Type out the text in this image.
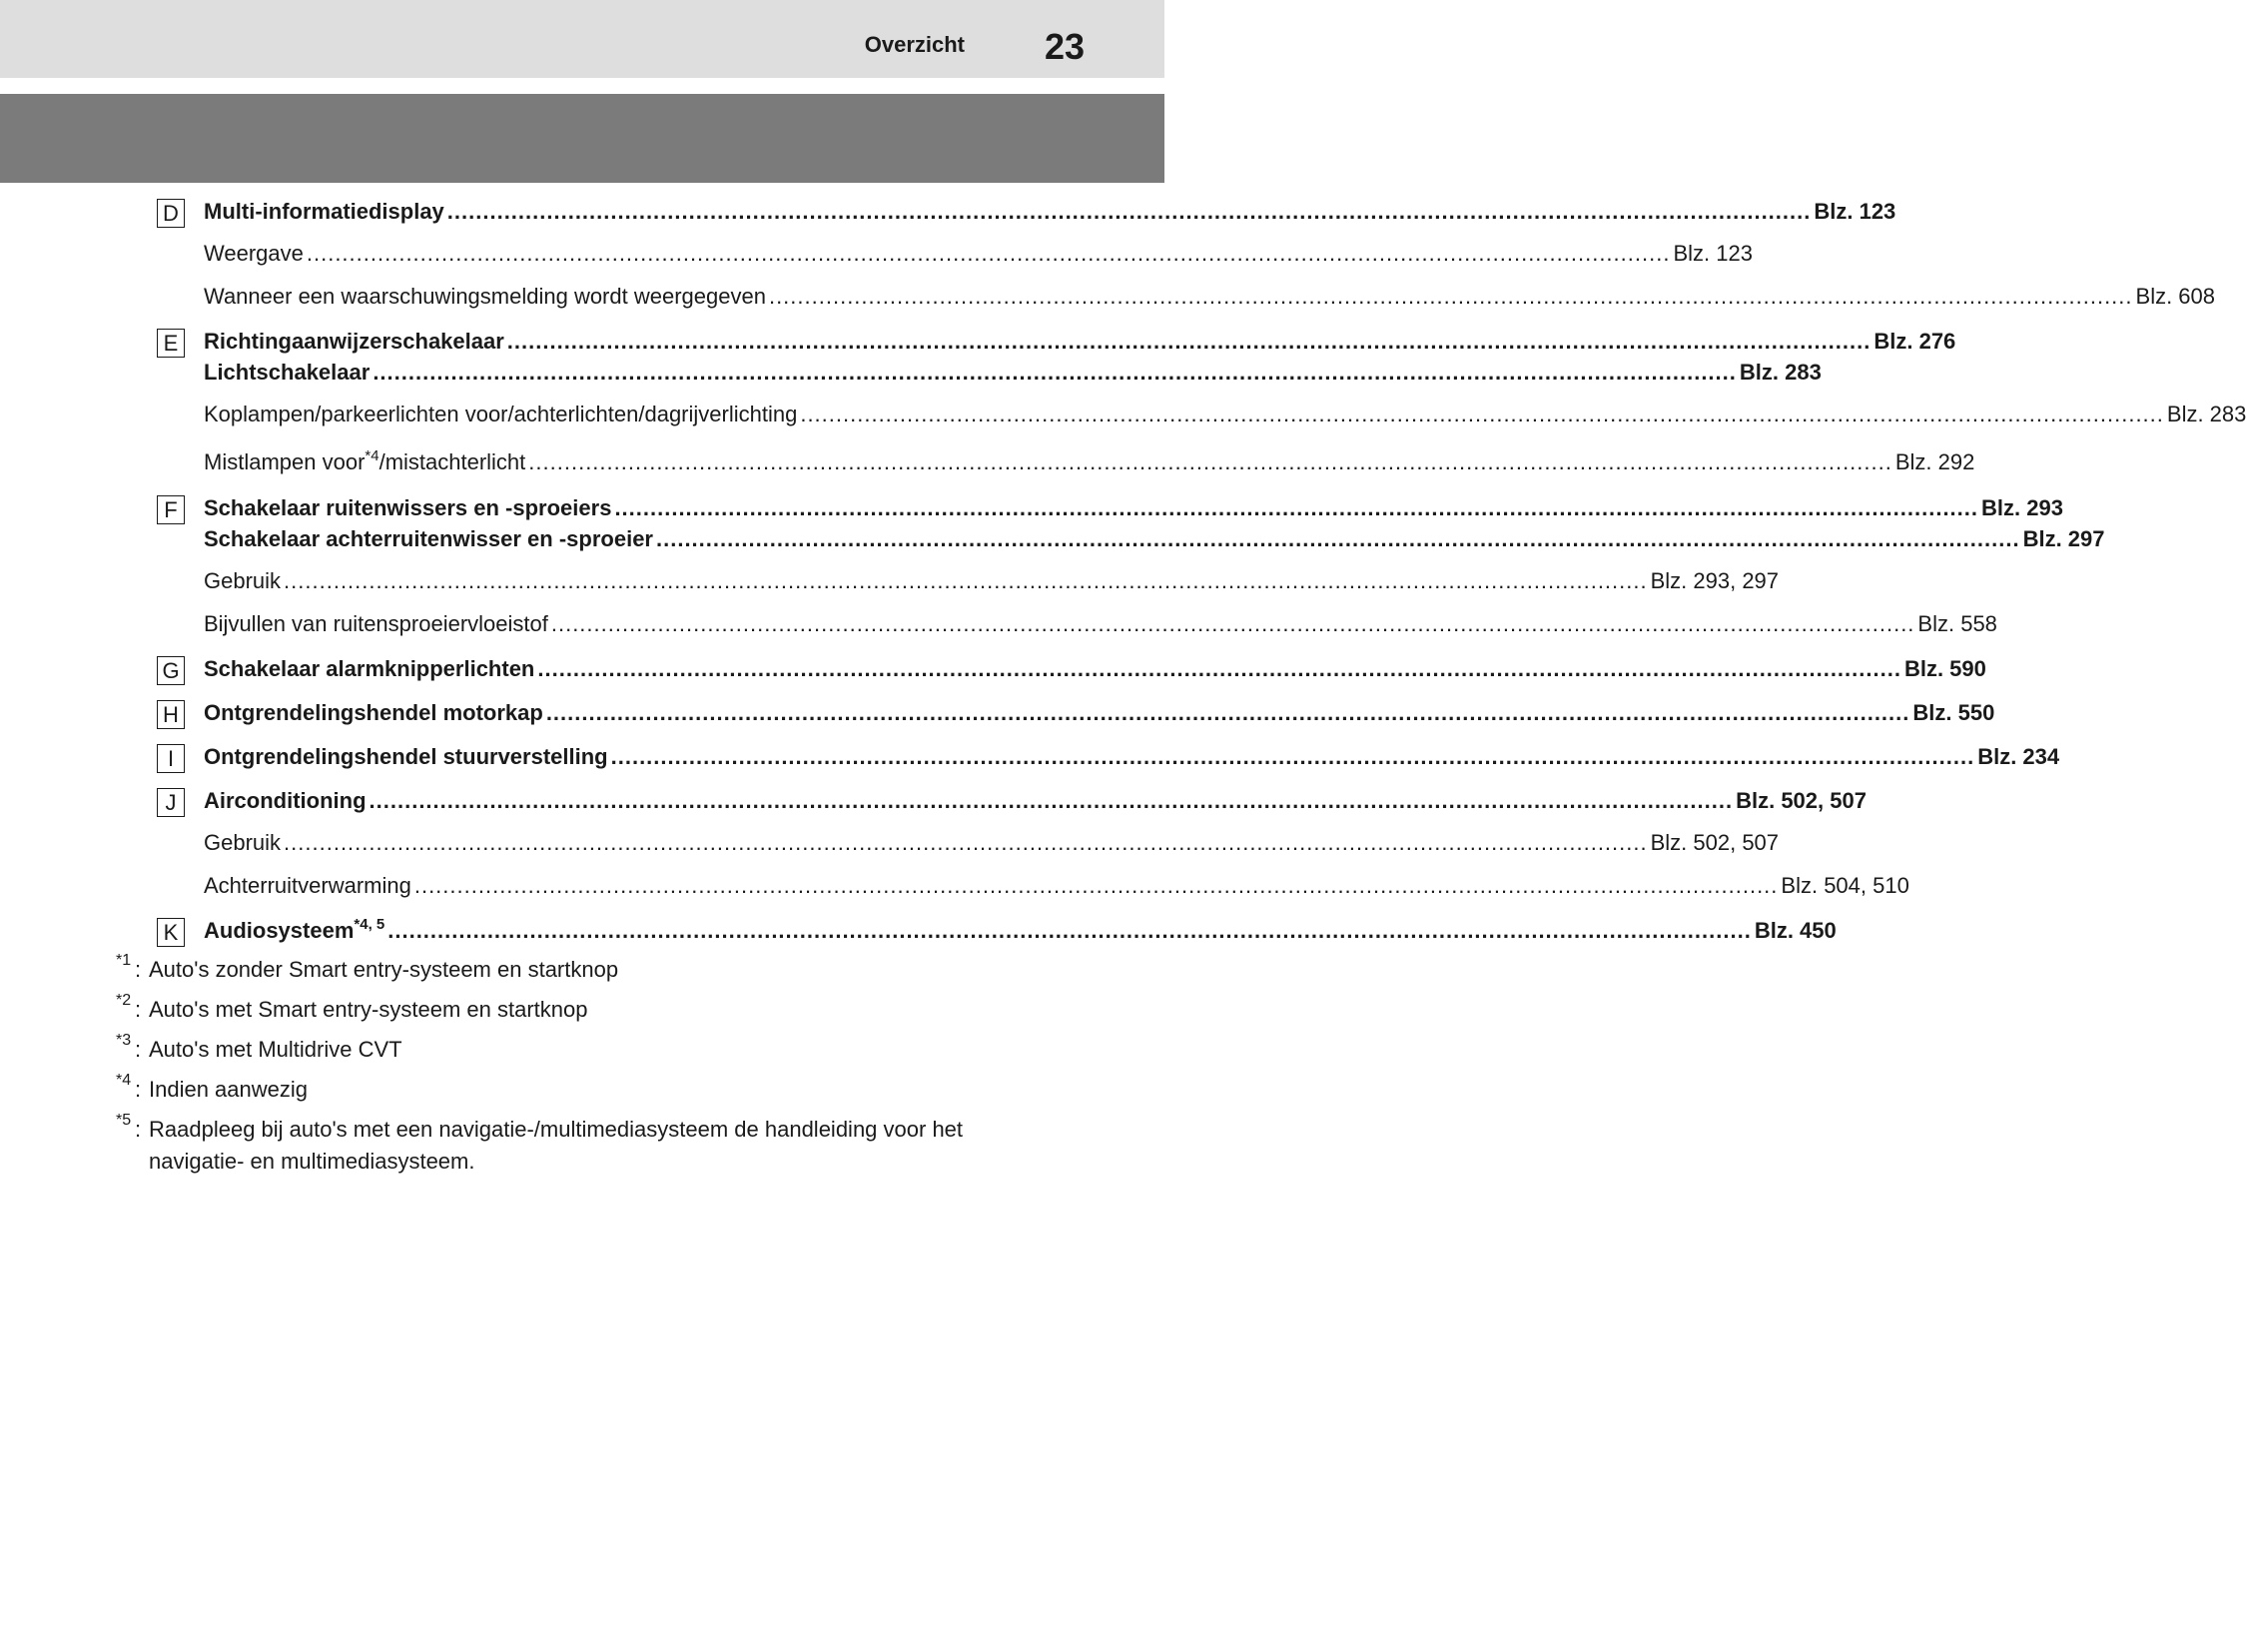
Overzicht 23
D Multi-informatiedisplay ................................................................................................................................................................................................ Blz. 123
Weergave ................................................................................................................................................................................................ Blz. 123
Wanneer een waarschuwingsmelding wordt weergegeven ................................................................................................................................................................................................ Blz. 608
E	Richtingaanwijzerschakelaar ................................................................................................................................................................................................ Blz. 276
Lichtschakelaar ................................................................................................................................................................................................ Blz. 283
Koplampen/parkeerlichten voor/achterlichten/dagrijverlichting ................................................................................................................................................................................................ Blz. 283
Mistlampen voor$^{*4}$/mistachterlicht ................................................................................................................................................................................................ Blz. 292
F	Schakelaar ruitenwissers en -sproeiers ................................................................................................................................................................................................ Blz. 293
Schakelaar achterruitenwisser en -sproeier ................................................................................................................................................................................................ Blz. 297
Gebruik ................................................................................................................................................................................................ Blz. 293, 297
Bijvullen van ruitensproeiervloeistof ................................................................................................................................................................................................ Blz. 558
G Schakelaar alarmknipperlichten ................................................................................................................................................................................................ Blz. 590
H Ontgrendelingshendel motorkap ................................................................................................................................................................................................ Blz. 550
I	Ontgrendelingshendel stuurverstelling ................................................................................................................................................................................................ Blz. 234
J	Airconditioning ................................................................................................................................................................................................ Blz. 502, 507
Gebruik ................................................................................................................................................................................................ Blz. 502, 507
Achterruitverwarming ................................................................................................................................................................................................ Blz. 504, 510
K	Audiosysteem$^{*4, 5}$ ................................................................................................................................................................................................ Blz. 450
*1 : Auto's zonder Smart entry-systeem en startknop
*2 : Auto's met Smart entry-systeem en startknop
*3 : Auto's met Multidrive CVT
*4 : Indien aanwezig
*5 : Raadpleeg bij auto's met een navigatie-/multimediasysteem de handleiding voor het navigatie- en multimediasysteem.
